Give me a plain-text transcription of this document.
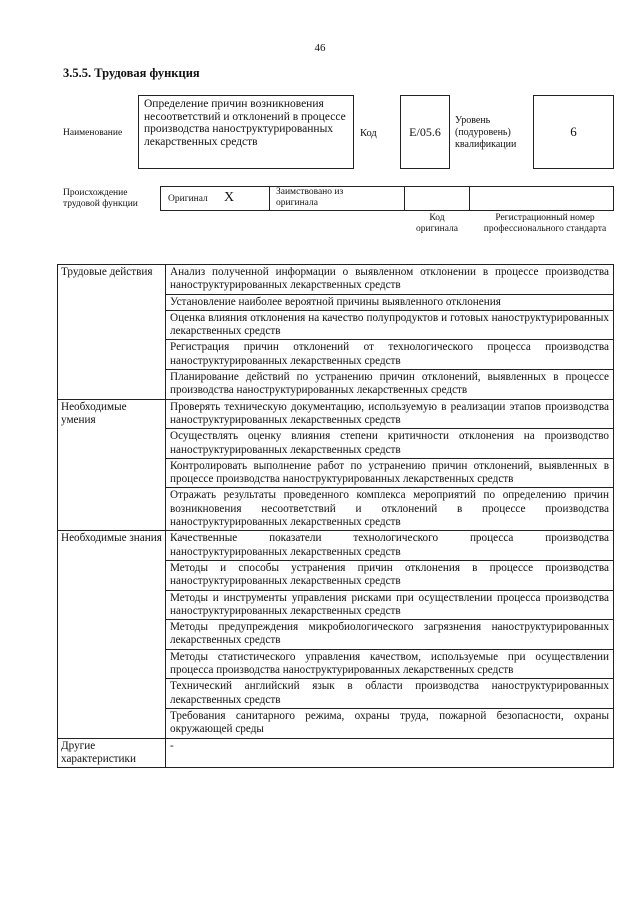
46
3.5.5. Трудовая функция
Наименование
Определение причин возникновения несоответствий и отклонений в процессе производства наноструктурированных лекарственных средств
Код	E/05.6
Уровень (подуровень) квалификации
6
Происхождение трудовой функции	Оригинал X	Заимствовано из оригинала
Код оригинала
Регистрационный номер профессионального стандарта
Трудовые действия	Анализ полученной информации о выявленном отклонении в процессе производства наноструктурированных лекарственных средств
	Установление наиболее вероятной причины выявленного отклонения
	Оценка влияния отклонения на качество полупродуктов и готовых наноструктурированных лекарственных средств
	Регистрация причин отклонений от технологического процесса производства наноструктурированных лекарственных средств
	Планирование действий по устранению причин отклонений, выявленных в процессе производства наноструктурированных лекарственных средств
Необходимые умения	Проверять техническую документацию, используемую в реализации этапов производства наноструктурированных лекарственных средств
	Осуществлять оценку влияния степени критичности отклонения на производство наноструктурированных лекарственных средств
	Контролировать выполнение работ по устранению причин отклонений, выявленных в процессе производства наноструктурированных лекарственных средств
	Отражать результаты проведенного комплекса мероприятий по определению причин возникновения несоответствий и отклонений в процессе производства наноструктурированных лекарственных средств
Необходимые знания	Качественные показатели технологического процесса производства наноструктурированных лекарственных средств
	Методы и способы устранения причин отклонения в процессе производства наноструктурированных лекарственных средств
	Методы и инструменты управления рисками при осуществлении процесса производства наноструктурированных лекарственных средств
	Методы предупреждения микробиологического загрязнения наноструктурированных лекарственных средств
	Методы статистического управления качеством, используемые при осуществлении процесса производства наноструктурированных лекарственных средств
	Технический английский язык в области производства наноструктурированных лекарственных средств
	Требования санитарного режима, охраны труда, пожарной безопасности, охраны окружающей среды
Другие характеристики	-
